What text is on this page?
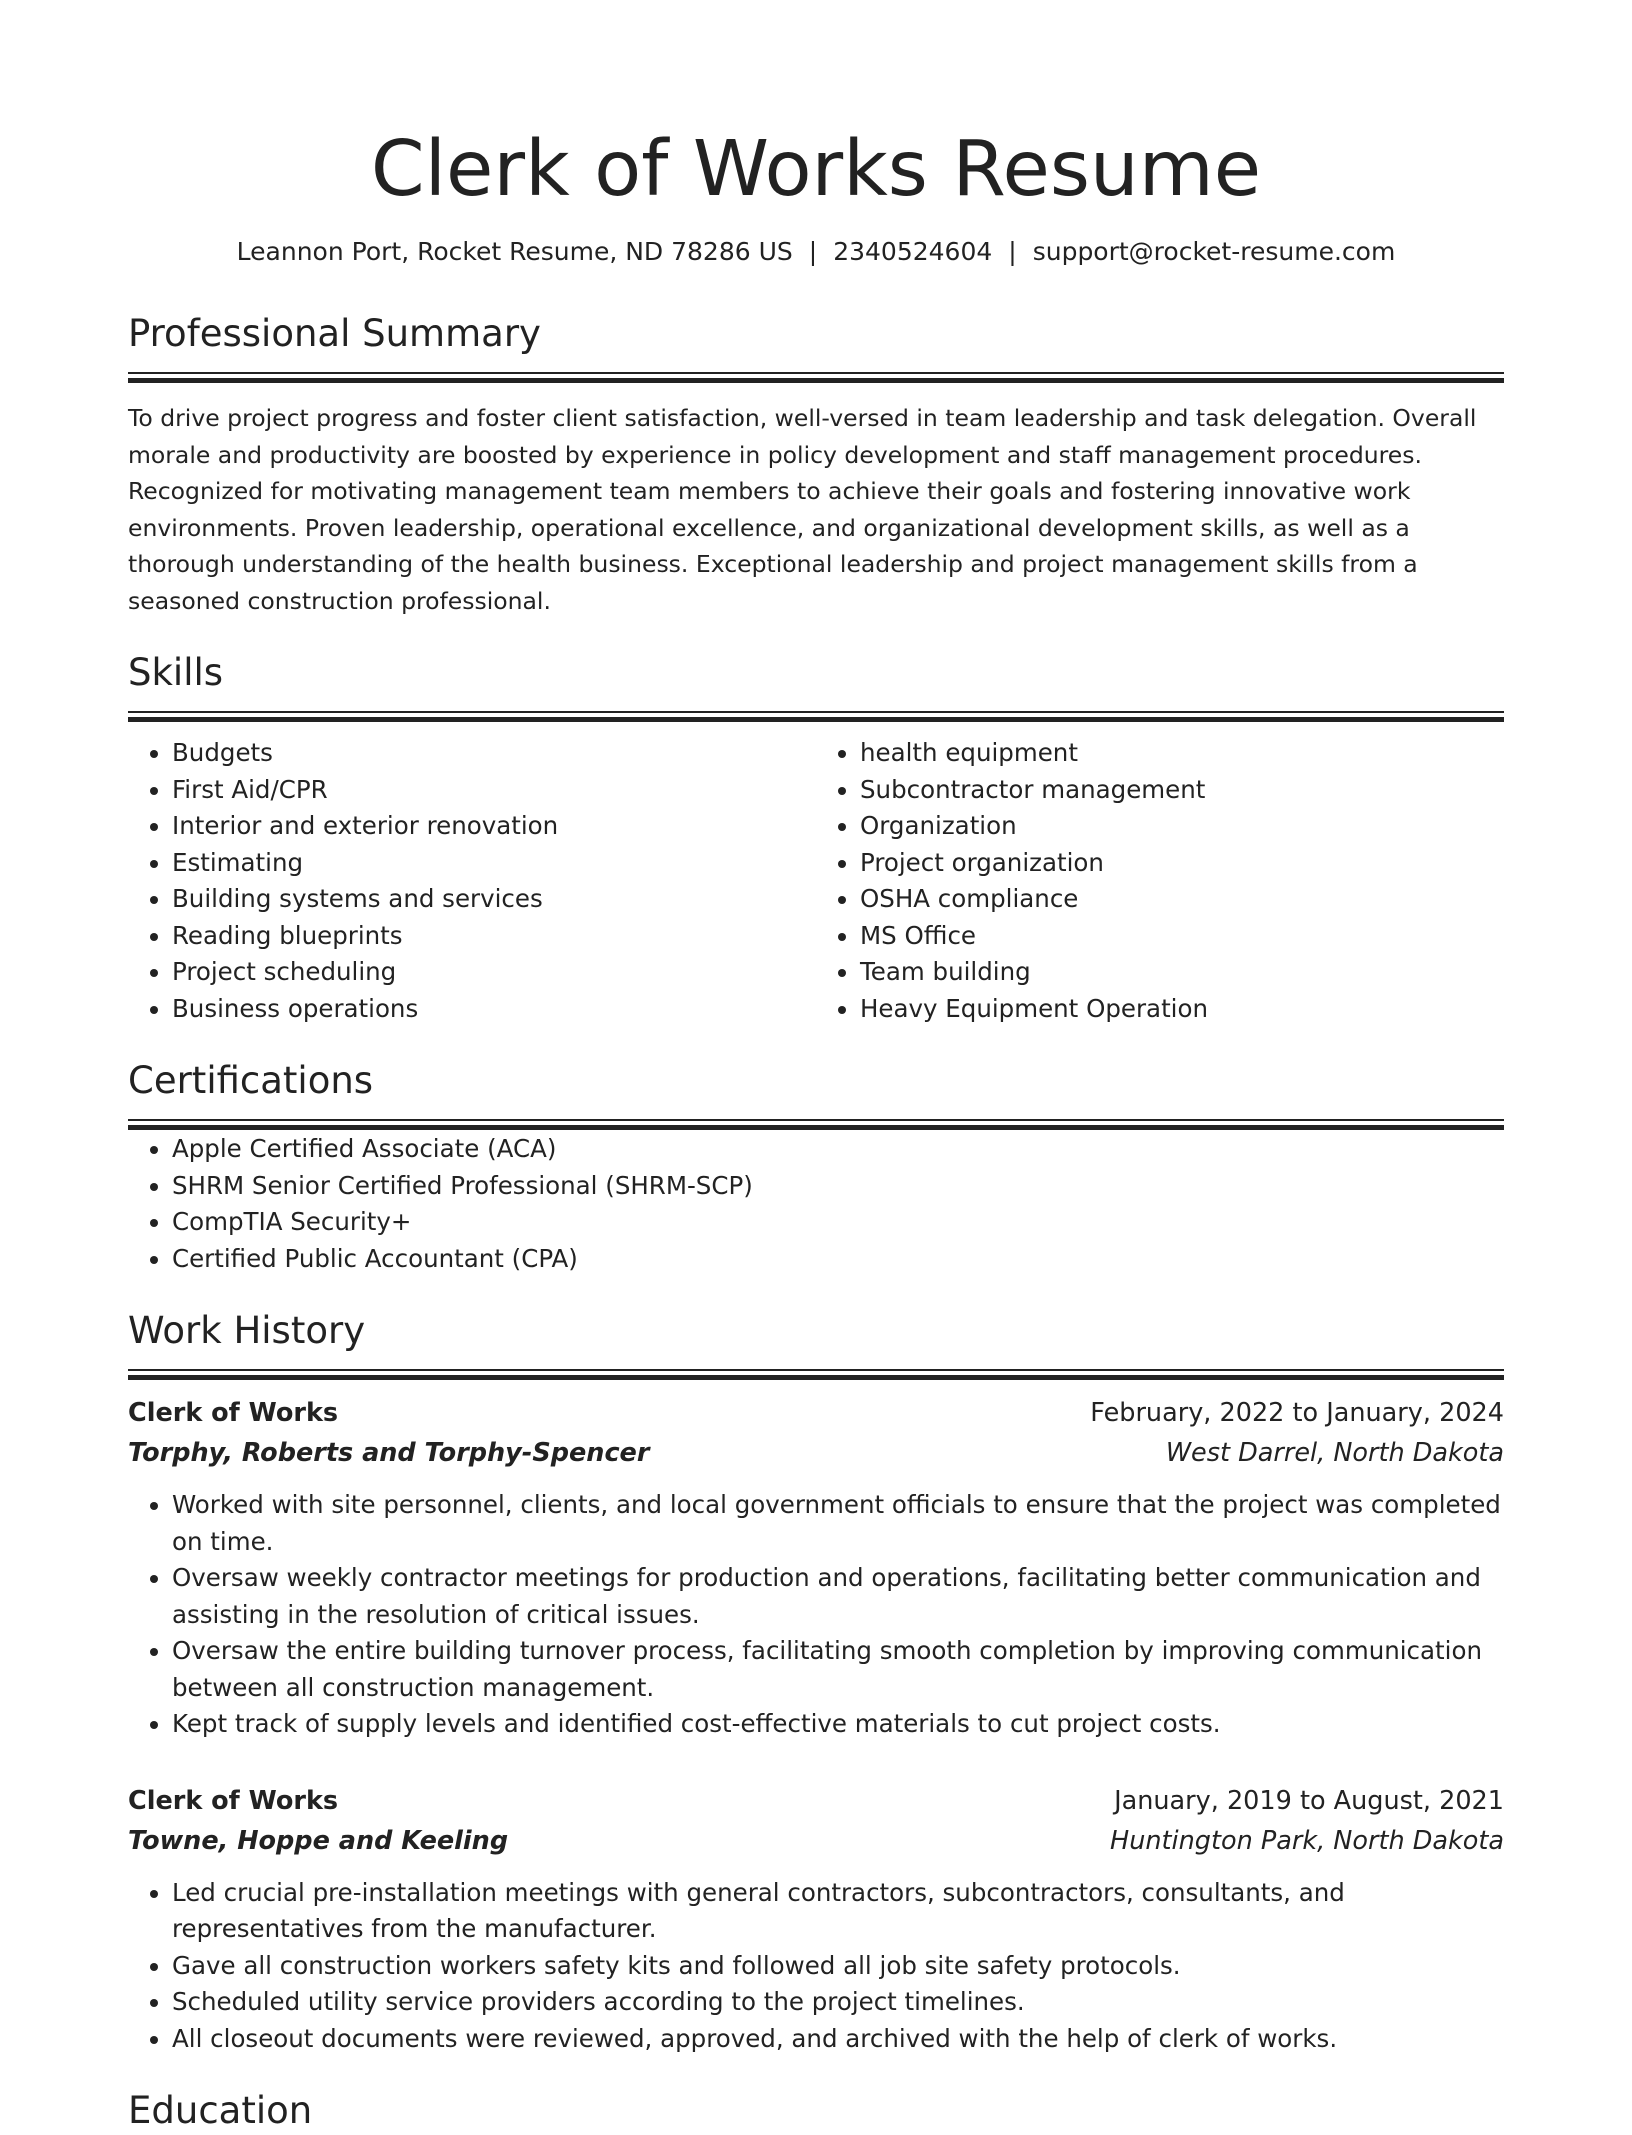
Clerk of Works Resume
Leannon Port, Rocket Resume, ND 78286 US | 2340524604 | support@rocket-resume.com
Professional Summary
To drive project progress and foster client satisfaction, well-versed in team leadership and task delegation. Overall morale and productivity are boosted by experience in policy development and staff management procedures. Recognized for motivating management team members to achieve their goals and fostering innovative work environments. Proven leadership, operational excellence, and organizational development skills, as well as a thorough understanding of the health business. Exceptional leadership and project management skills from a seasoned construction professional.
Skills
• Budgets
• First Aid/CPR
• Interior and exterior renovation
• Estimating
• Building systems and services
• Reading blueprints
• Project scheduling
• Business operations
• health equipment
• Subcontractor management
• Organization
• Project organization
• OSHA compliance
• MS Office
• Team building
• Heavy Equipment Operation
Certifications
• Apple Certified Associate (ACA)
• SHRM Senior Certified Professional (SHRM-SCP)
• CompTIA Security+
• Certified Public Accountant (CPA)
Work History
Clerk of Works	February, 2022 to January, 2024
Torphy, Roberts and Torphy-Spencer	West Darrel, North Dakota
• Worked with site personnel, clients, and local government officials to ensure that the project was completed on time.
• Oversaw weekly contractor meetings for production and operations, facilitating better communication and assisting in the resolution of critical issues.
• Oversaw the entire building turnover process, facilitating smooth completion by improving communication between all construction management.
• Kept track of supply levels and identified cost-effective materials to cut project costs.
Clerk of Works	January, 2019 to August, 2021
Towne, Hoppe and Keeling	Huntington Park, North Dakota
• Led crucial pre-installation meetings with general contractors, subcontractors, consultants, and representatives from the manufacturer.
• Gave all construction workers safety kits and followed all job site safety protocols.
• Scheduled utility service providers according to the project timelines.
• All closeout documents were reviewed, approved, and archived with the help of clerk of works.
Education
